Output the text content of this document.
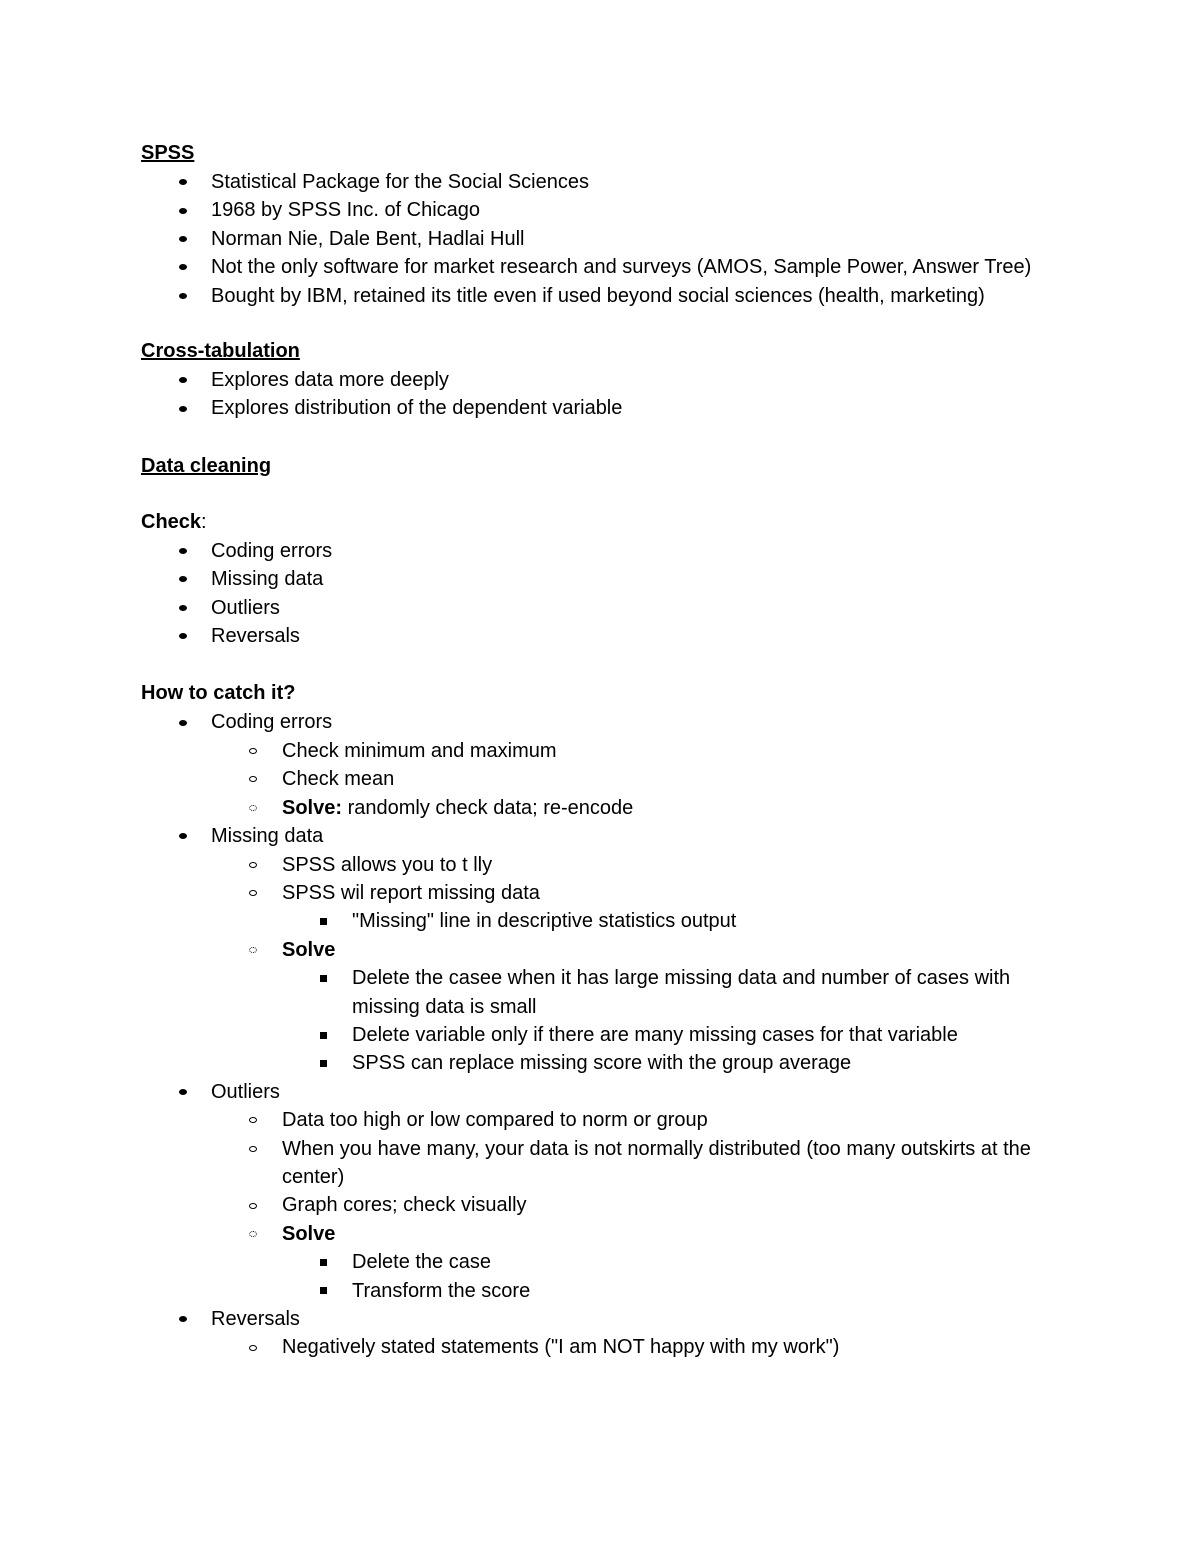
SPSS
Statistical Package for the Social Sciences
1968 by SPSS Inc. of Chicago
Norman Nie, Dale Bent, Hadlai Hull
Not the only software for market research and surveys (AMOS, Sample Power, Answer Tree)
Bought by IBM, retained its title even if used beyond social sciences (health, marketing)
Cross-tabulation
Explores data more deeply
Explores distribution of the dependent variable
Data cleaning
Check:
Coding errors
Missing data
Outliers
Reversals
How to catch it?
Coding errors
Check minimum and maximum
Check mean
Solve: randomly check data; re-encode
Missing data
SPSS allows you to t lly
SPSS wil report missing data
"Missing" line in descriptive statistics output
Solve
Delete the casee when it has large missing data and number of cases with missing data is small
Delete variable only if there are many missing cases for that variable
SPSS can replace missing score with the group average
Outliers
Data too high or low compared to norm or group
When you have many, your data is not normally distributed (too many outskirts at the center)
Graph cores; check visually
Solve
Delete the case
Transform the score
Reversals
Negatively stated statements ("I am NOT happy with my work")
